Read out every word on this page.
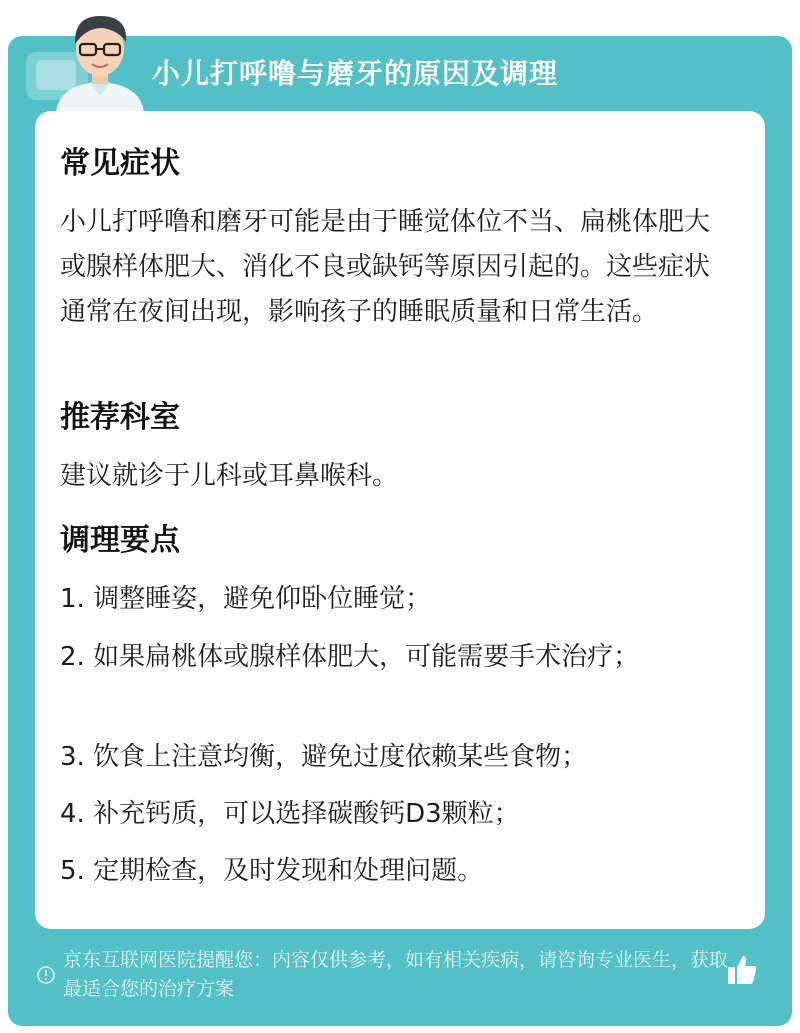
小儿打呼噜与磨牙的原因及调理
常见症状
小儿打呼噜和磨牙可能是由于睡觉体位不当、扁桃体肥大或腺样体肥大、消化不良或缺钙等原因引起的。这些症状通常在夜间出现，影响孩子的睡眠质量和日常生活。
推荐科室
建议就诊于儿科或耳鼻喉科。
调理要点
1. 调整睡姿，避免仰卧位睡觉；
2. 如果扁桃体或腺样体肥大，可能需要手术治疗；
3. 饮食上注意均衡，避免过度依赖某些食物；
4. 补充钙质，可以选择碳酸钙D3颗粒；
5. 定期检查，及时发现和处理问题。
京东互联网医院提醒您：内容仅供参考，如有相关疾病，请咨询专业医生，获取最适合您的治疗方案
